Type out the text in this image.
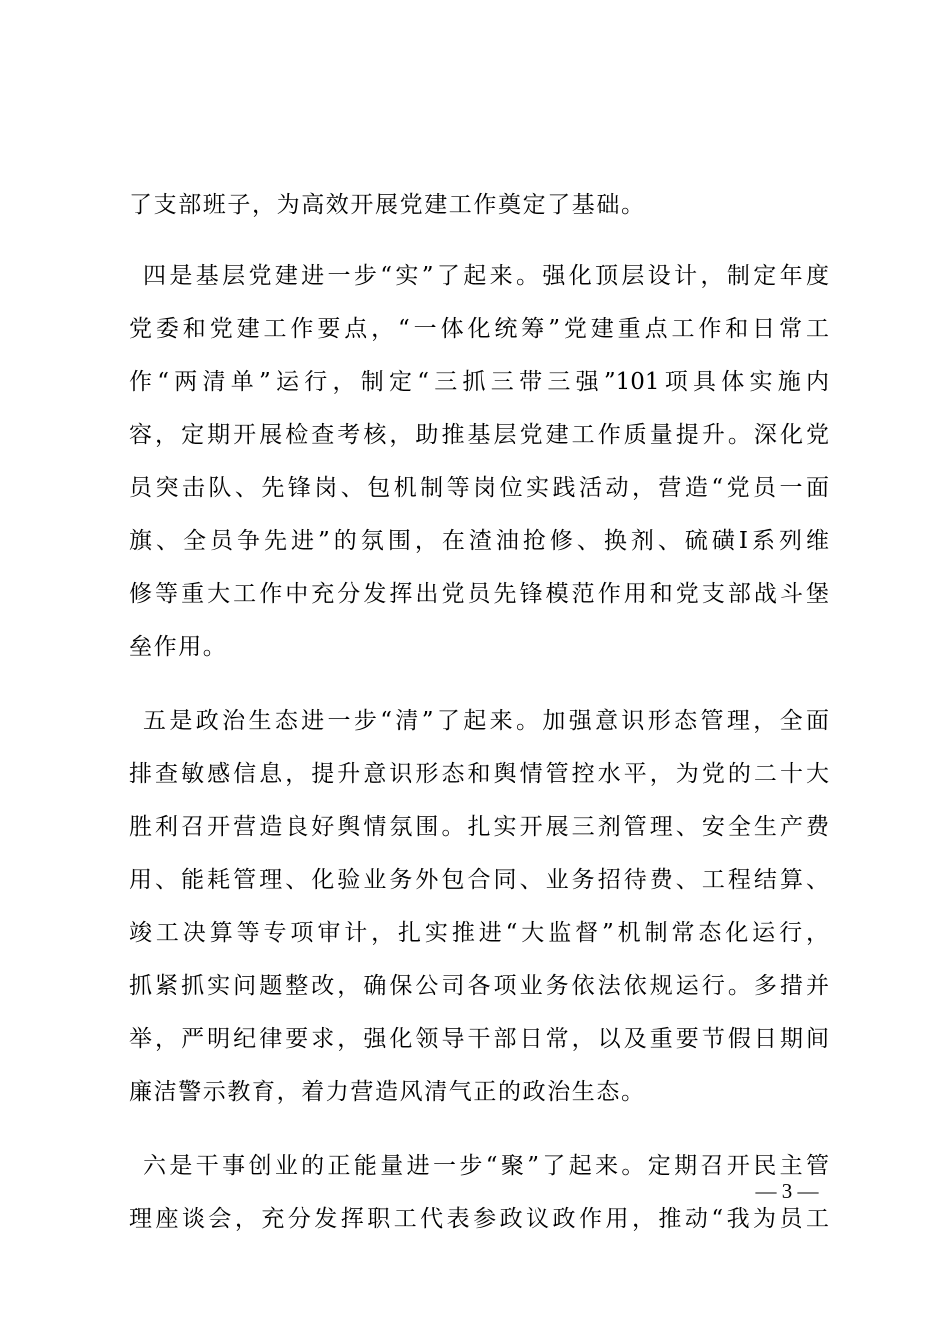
了支部班子，为高效开展党建工作奠定了基础。
四是基层党建进一步“实”了起来。强化顶层设计，制定年度
党委和党建工作要点，“一体化统筹”党建重点工作和日常工
作“两清单”运行，制定“三抓三带三强”101项具体实施内
容，定期开展检查考核，助推基层党建工作质量提升。深化党
员突击队、先锋岗、包机制等岗位实践活动，营造“党员一面
旗、全员争先进”的氛围，在渣油抢修、换剂、硫磺Ⅰ系列维
修等重大工作中充分发挥出党员先锋模范作用和党支部战斗堡
垒作用。
五是政治生态进一步“清”了起来。加强意识形态管理，全面
排查敏感信息，提升意识形态和舆情管控水平，为党的二十大
胜利召开营造良好舆情氛围。扎实开展三剂管理、安全生产费
用、能耗管理、化验业务外包合同、业务招待费、工程结算、
竣工决算等专项审计，扎实推进“大监督”机制常态化运行，
抓紧抓实问题整改，确保公司各项业务依法依规运行。多措并
举，严明纪律要求，强化领导干部日常，以及重要节假日期间
廉洁警示教育，着力营造风清气正的政治生态。
六是干事创业的正能量进一步“聚”了起来。定期召开民主管
理座谈会，充分发挥职工代表参政议政作用，推动“我为员工
— 3 —
